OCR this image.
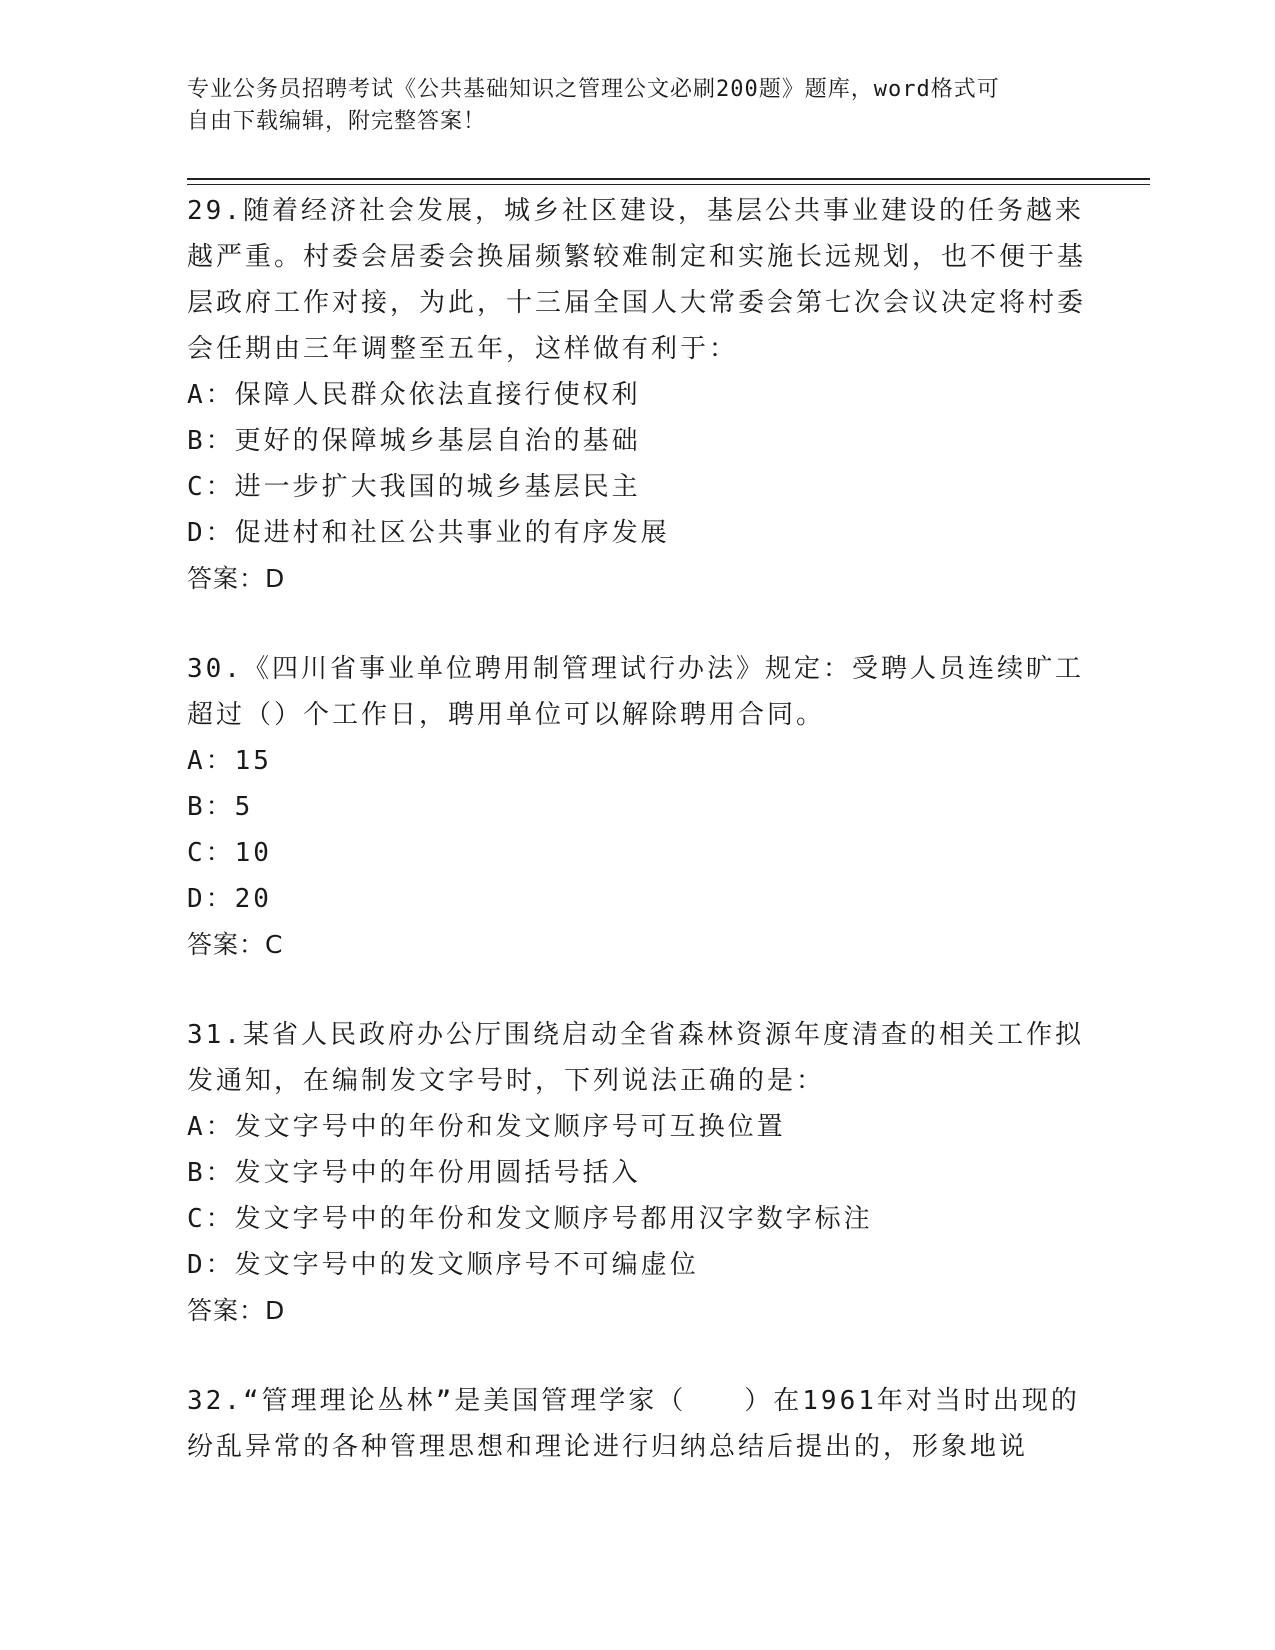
专业公务员招聘考试《公共基础知识之管理公文必刷200题》题库，word格式可
自由下载编辑，附完整答案！

29.随着经济社会发展，城乡社区建设，基层公共事业建设的任务越来越严重。村委会居委会换届频繁较难制定和实施长远规划，也不便于基层政府工作对接，为此，十三届全国人大常委会第七次会议决定将村委会任期由三年调整至五年，这样做有利于：

A：保障人民群众依法直接行使权利

B：更好的保障城乡基层自治的基础

C：进一步扩大我国的城乡基层民主

D：促进村和社区公共事业的有序发展

答案：D

30.《四川省事业单位聘用制管理试行办法》规定：受聘人员连续旷工超过（）个工作日，聘用单位可以解除聘用合同。

A：15

B：5

C：10

D：20

答案：C

31.某省人民政府办公厅围绕启动全省森林资源年度清查的相关工作拟发通知，在编制发文字号时，下列说法正确的是：

A：发文字号中的年份和发文顺序号可互换位置

B：发文字号中的年份用圆括号括入

C：发文字号中的年份和发文顺序号都用汉字数字标注

D：发文字号中的发文顺序号不可编虚位

答案：D

32.“管理理论丛林”是美国管理学家（　　）在1961年对当时出现的纷乱异常的各种管理思想和理论进行归纳总结后提出的，形象地说
